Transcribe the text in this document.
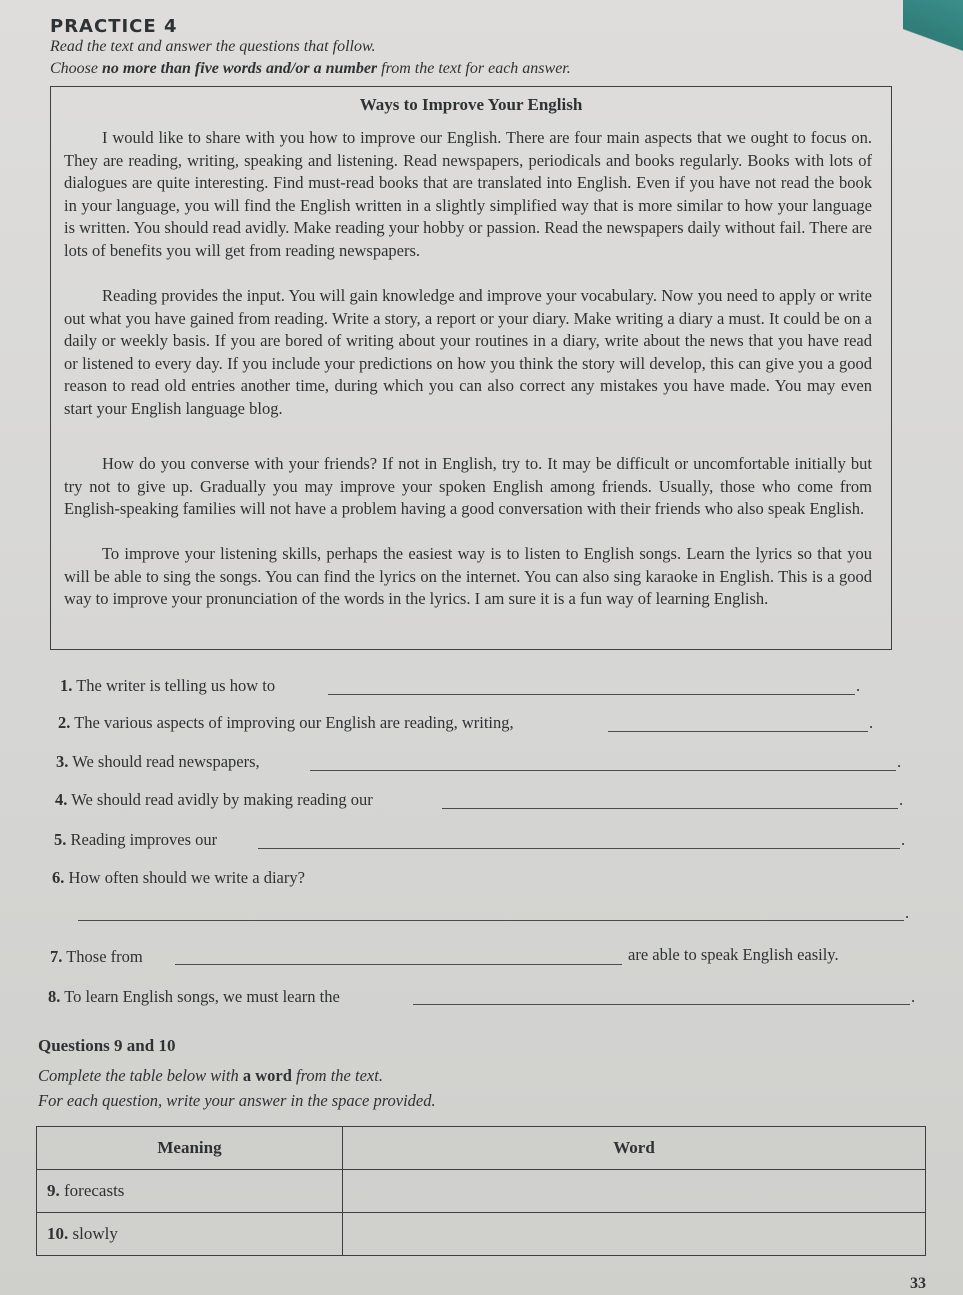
PRACTICE 4
Read the text and answer the questions that follow.
Choose no more than five words and/or a number from the text for each answer.
Ways to Improve Your English

I would like to share with you how to improve our English. There are four main aspects that we ought to focus on. They are reading, writing, speaking and listening. Read newspapers, periodicals and books regularly. Books with lots of dialogues are quite interesting. Find must-read books that are translated into English. Even if you have not read the book in your language, you will find the English written in a slightly simplified way that is more similar to how your language is written. You should read avidly. Make reading your hobby or passion. Read the newspapers daily without fail. There are lots of benefits you will get from reading newspapers.

Reading provides the input. You will gain knowledge and improve your vocabulary. Now you need to apply or write out what you have gained from reading. Write a story, a report or your diary. Make writing a diary a must. It could be on a daily or weekly basis. If you are bored of writing about your routines in a diary, write about the news that you have read or listened to every day. If you include your predictions on how you think the story will develop, this can give you a good reason to read old entries another time, during which you can also correct any mistakes you have made. You may even start your English language blog.

How do you converse with your friends? If not in English, try to. It may be difficult or uncomfortable initially but try not to give up. Gradually you may improve your spoken English among friends. Usually, those who come from English-speaking families will not have a problem having a good conversation with their friends who also speak English.

To improve your listening skills, perhaps the easiest way is to listen to English songs. Learn the lyrics so that you will be able to sing the songs. You can find the lyrics on the internet. You can also sing karaoke in English. This is a good way to improve your pronunciation of the words in the lyrics. I am sure it is a fun way of learning English.

1. The writer is telling us how to	.
2. The various aspects of improving our English are reading, writing,	.
3. We should read newspapers,	.
4. We should read avidly by making reading our	.
5. Reading improves our	.
6. How often should we write a diary?
.
7. Those from	are able to speak English easily.
8. To learn English songs, we must learn the	.
Questions 9 and 10
Complete the table below with a word from the text.
For each question, write your answer in the space provided.
Meaning	Word
9. forecasts	
10. slowly	
33
